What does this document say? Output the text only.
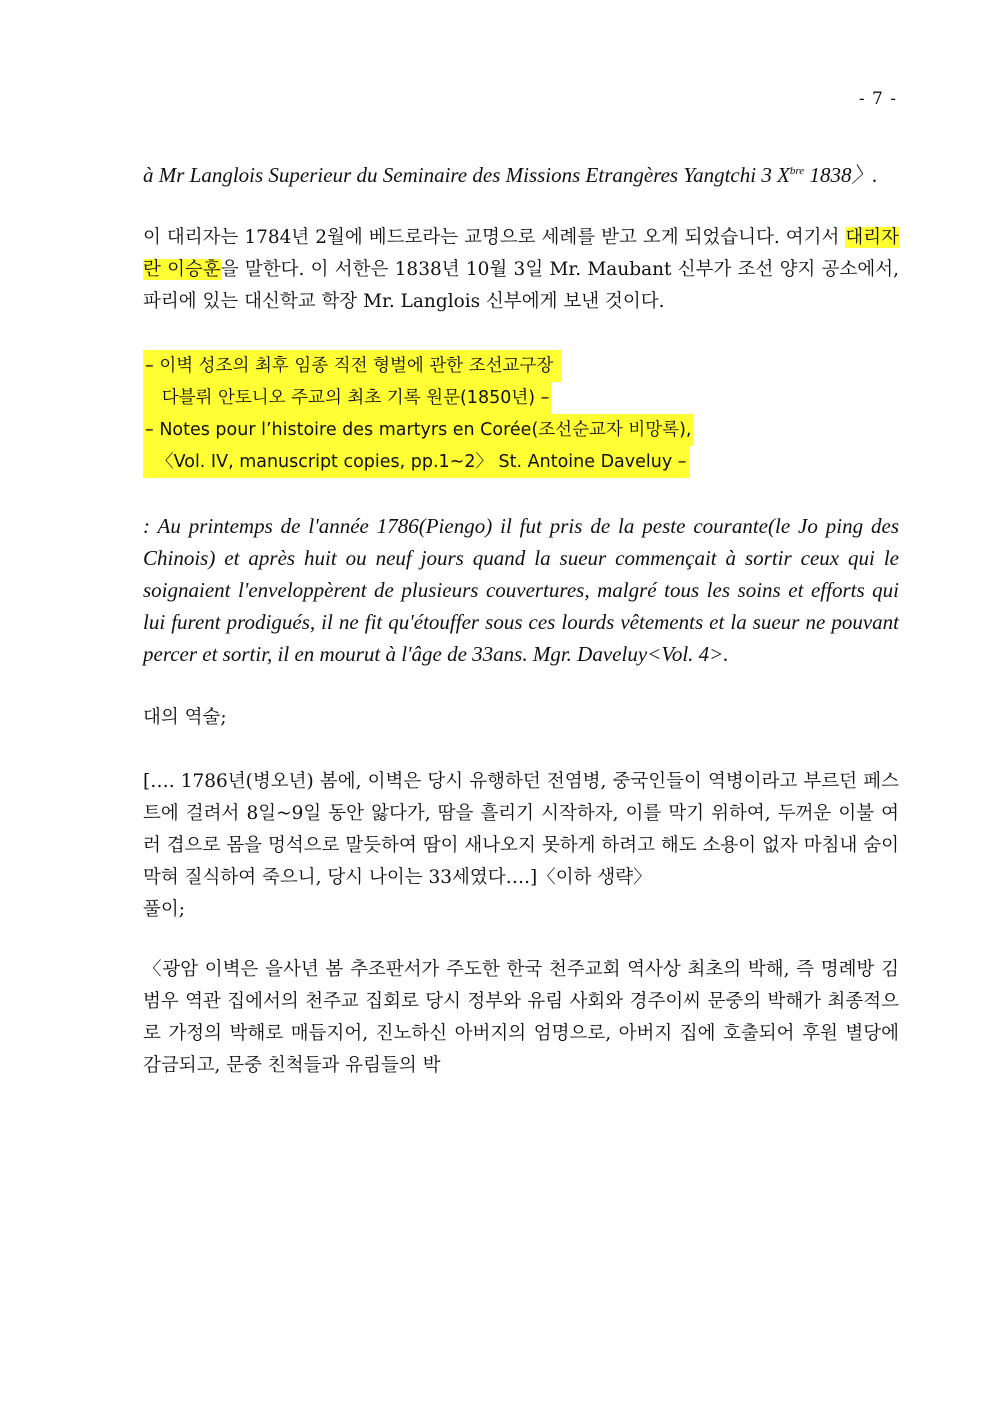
- 7 -

à Mr Langlois Superieur du Seminaire des Missions Etrangères Yangtchi 3 $X^{bre}$ 1838〉.

이 대리자는 1784년 2월에 베드로라는 교명으로 세례를 받고 오게 되었습니다. 여기서 대리자란 이승훈을 말한다. 이 서한은 1838년 10월 3일 Mr. Maubant 신부가 조선 양지 공소에서, 파리에 있는 대신학교 학장 Mr. Langlois 신부에게 보낸 것이다.

– 이벽 성조의 최후 임종 직전 형벌에 관한 조선교구장
다블뤼 안토니오 주교의 최초 기록 원문(1850년) –
– Notes pour l’histoire des martyrs en Corée(조선순교자 비망록),
〈Vol. IV, manuscript copies, pp.1~2〉 St. Antoine Daveluy –

: Au printemps de l'année 1786(Piengo) il fut pris de la peste courante(le Jo ping des Chinois) et après huit ou neuf jours quand la sueur commençait à sortir ceux qui le soignaient l'enveloppèrent de plusieurs couvertures, malgré tous les soins et efforts qui lui furent prodigués, il ne fit qu'étouffer sous ces lourds vêtements et la sueur ne pouvant percer et sortir, il en mourut à l'âge de 33ans. Mgr. Daveluy<Vol. 4>.

대의 역술;

[…. 1786년(병오년) 봄에, 이벽은 당시 유행하던 전염병, 중국인들이 역병이라고 부르던 페스트에 걸려서 8일~9일 동안 앓다가, 땀을 흘리기 시작하자, 이를 막기 위하여, 두꺼운 이불 여러 겹으로 몸을 멍석으로 말듯하여 땀이 새나오지 못하게 하려고 해도 소용이 없자 마침내 숨이 막혀 질식하여 죽으니, 당시 나이는 33세였다….]〈이하 생략〉

풀이;

〈광암 이벽은 을사년 봄 추조판서가 주도한 한국 천주교회 역사상 최초의 박해, 즉 명례방 김범우 역관 집에서의 천주교 집회로 당시 정부와 유림 사회와 경주이씨 문중의 박해가 최종적으로 가정의 박해로 매듭지어, 진노하신 아버지의 엄명으로, 아버지 집에 호출되어 후원 별당에 감금되고, 문중 친척들과 유림들의 박
